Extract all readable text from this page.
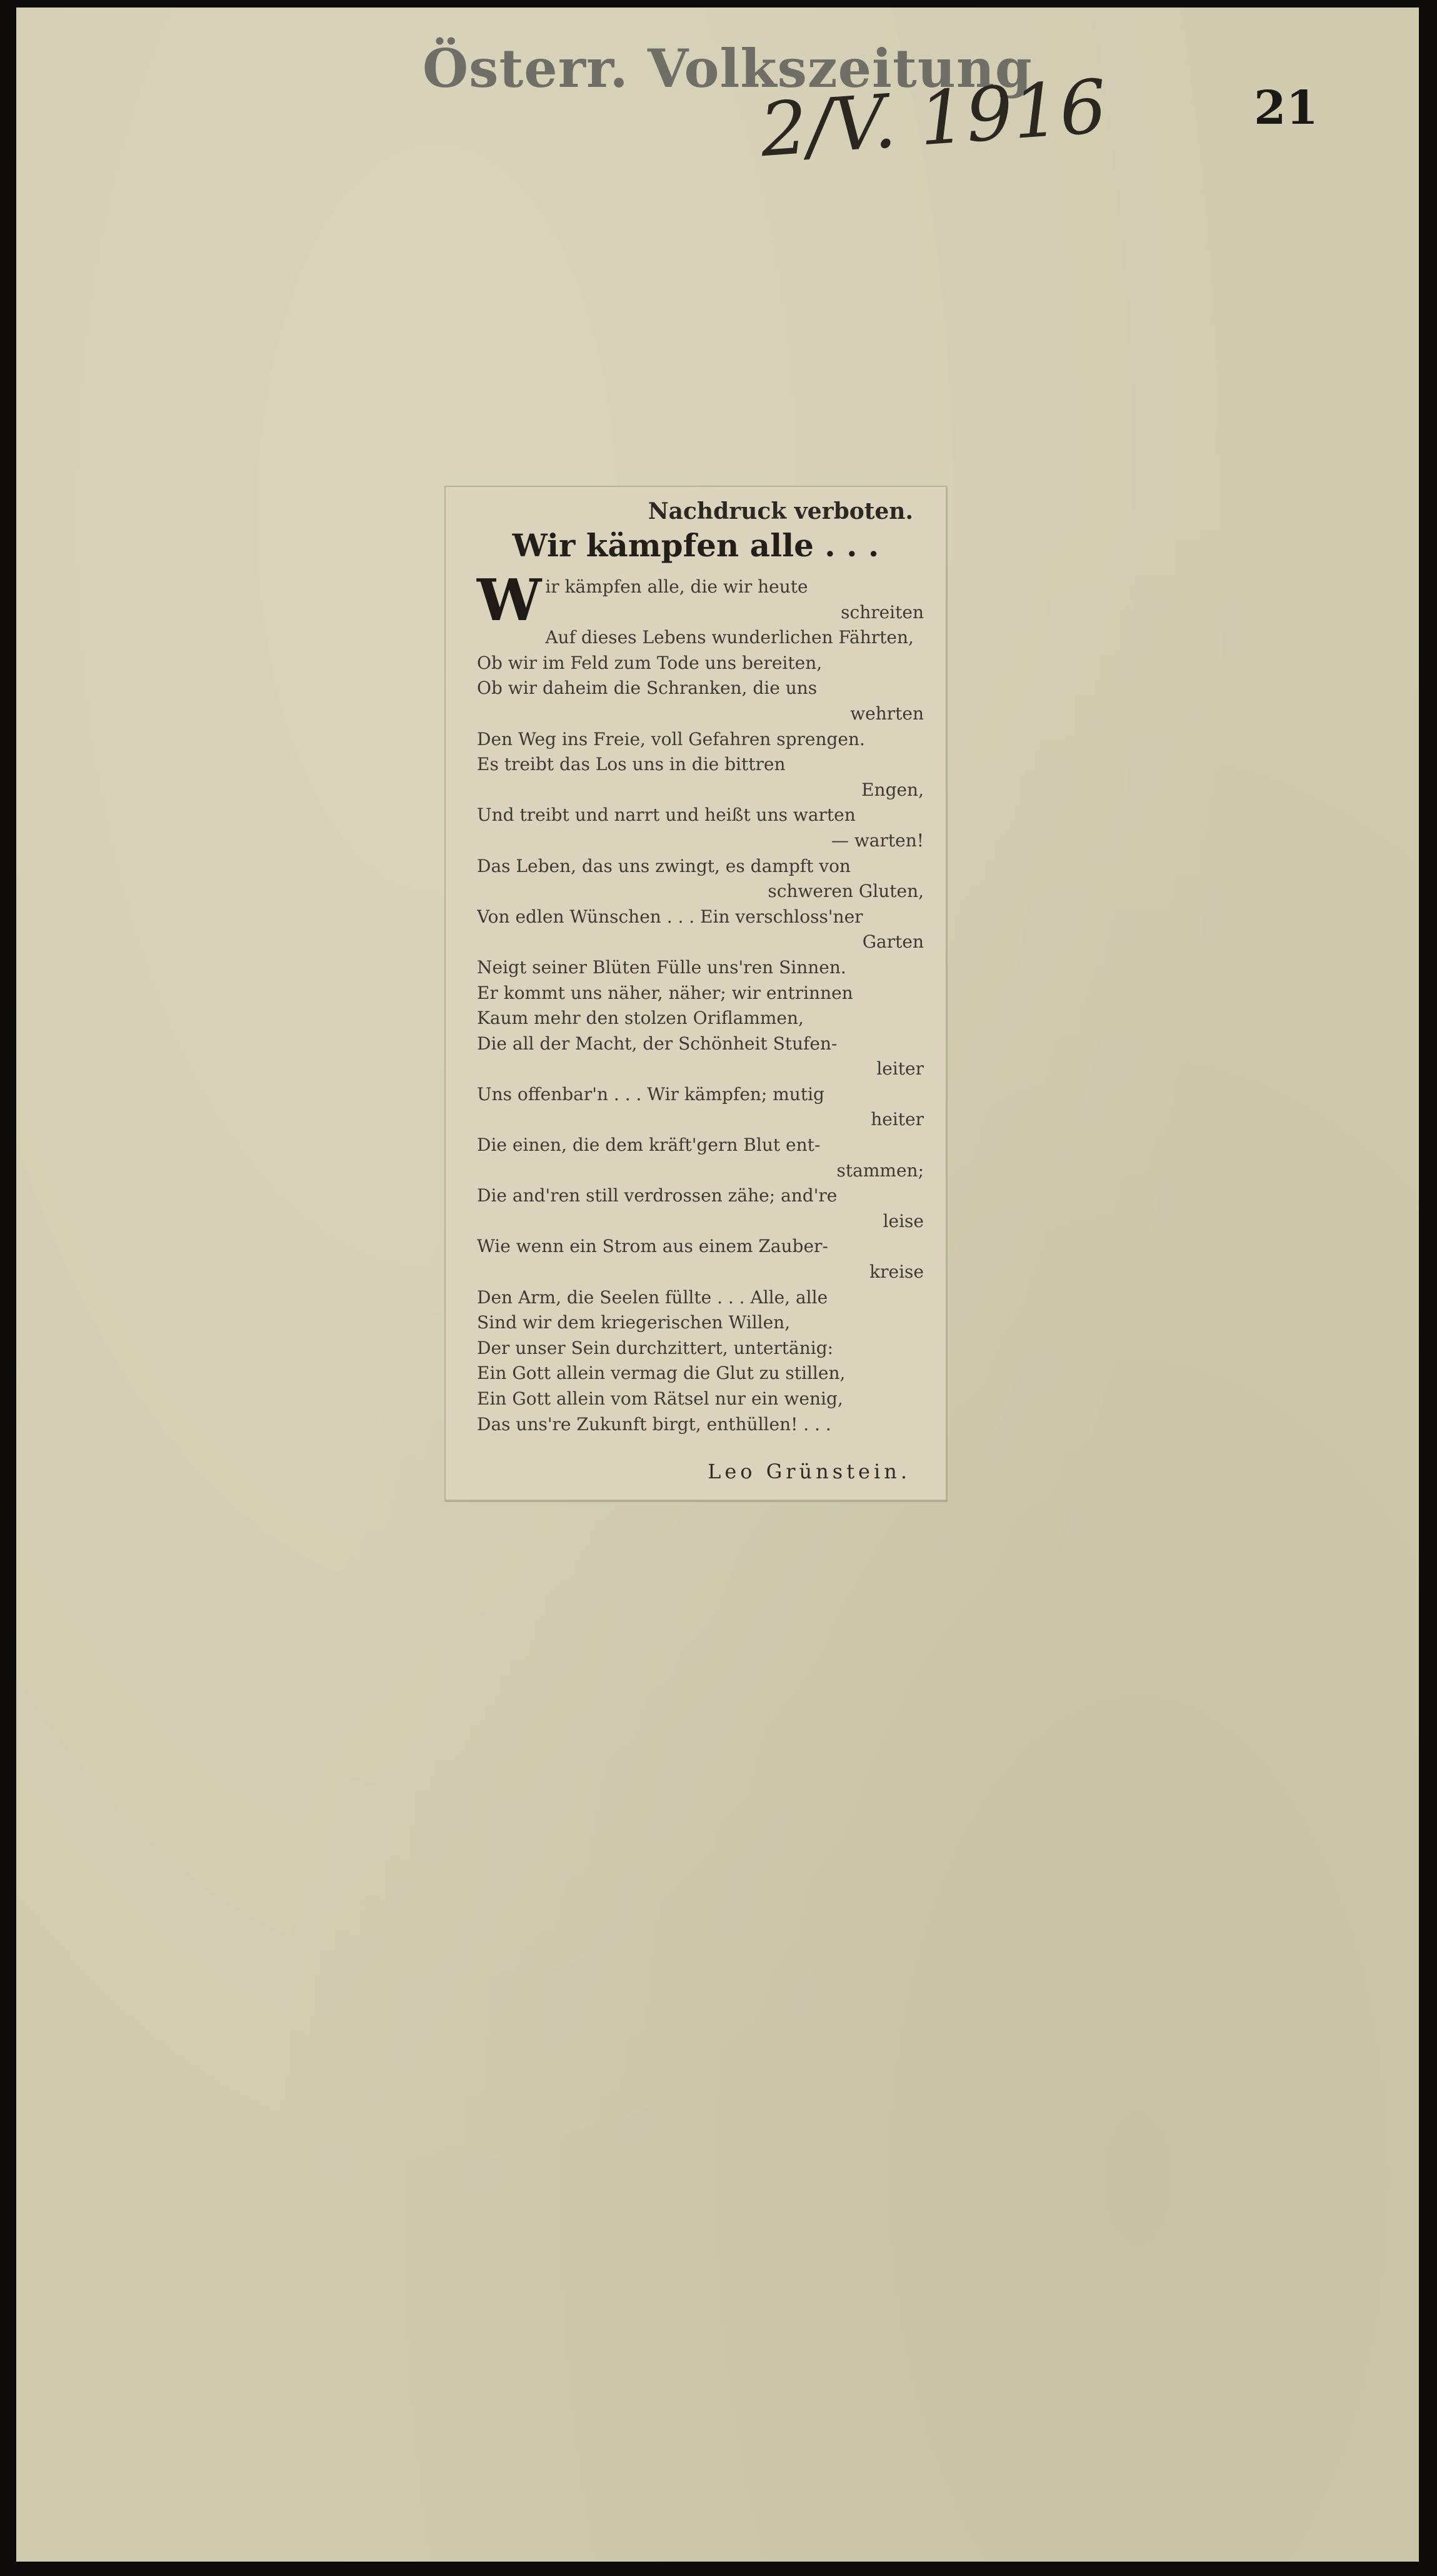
Österr. Volkszeitung
2/V. 1916	21
Nachdruck verboten.
Wir kämpfen alle . . .
W ir kämpfen alle, die wir heute
schreiten
Auf dieses Lebens wunderlichen Fährten,
Ob wir im Feld zum Tode uns bereiten,
Ob wir daheim die Schranken, die uns
wehrten
Den Weg ins Freie, voll Gefahren sprengen.
Es treibt das Los uns in die bittren
Engen,
Und treibt und narrt und heißt uns warten
— warten!
Das Leben, das uns zwingt, es dampft von
schweren Gluten,
Von edlen Wünschen . . . Ein verschloss'ner
Garten
Neigt seiner Blüten Fülle uns'ren Sinnen.
Er kommt uns näher, näher; wir entrinnen
Kaum mehr den stolzen Oriflammen,
Die all der Macht, der Schönheit Stufen-
leiter
Uns offenbar'n . . . Wir kämpfen; mutig
heiter
Die einen, die dem kräft'gern Blut ent-
stammen;
Die and'ren still verdrossen zähe; and're
leise
Wie wenn ein Strom aus einem Zauber-
kreise
Den Arm, die Seelen füllte . . . Alle, alle
Sind wir dem kriegerischen Willen,
Der unser Sein durchzittert, untertänig:
Ein Gott allein vermag die Glut zu stillen,
Ein Gott allein vom Rätsel nur ein wenig,
Das uns're Zukunft birgt, enthüllen! . . .
Leo Grünstein.
